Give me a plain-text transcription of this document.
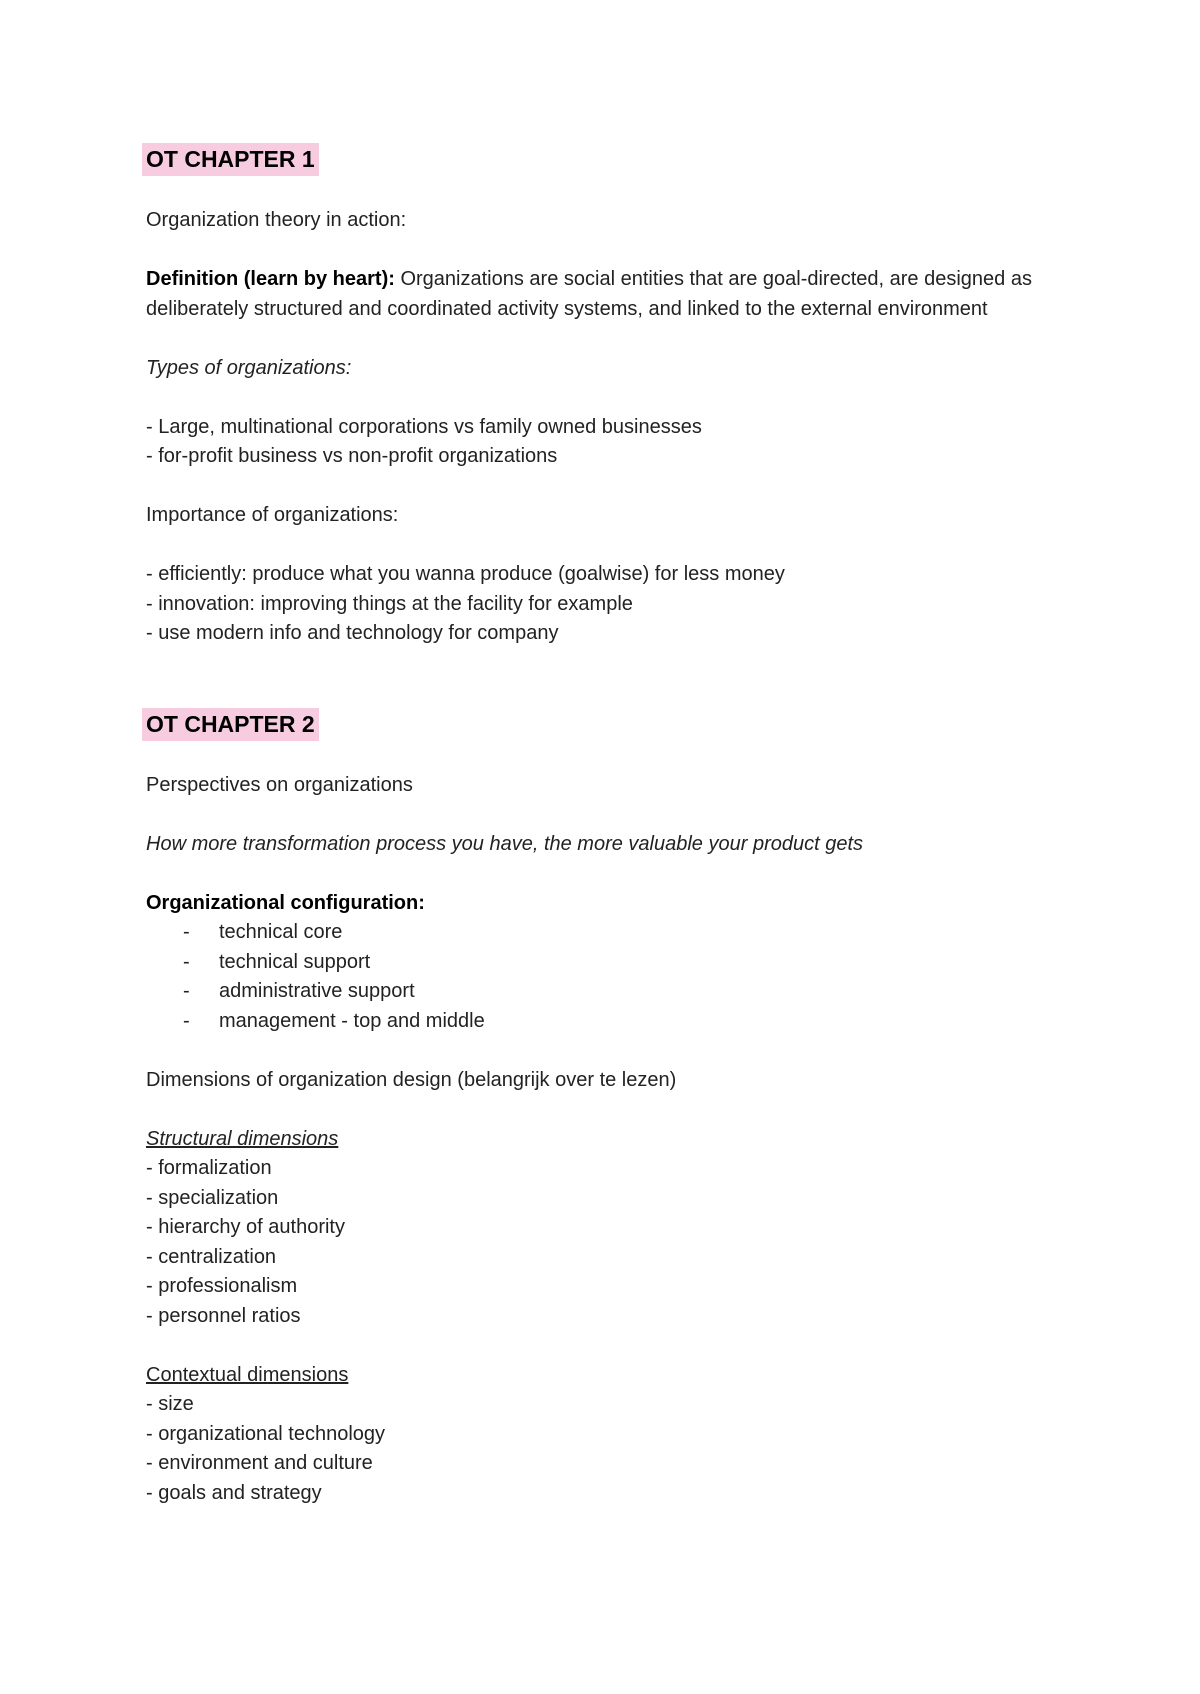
OT CHAPTER 1
Organization theory in action:
Definition (learn by heart): Organizations are social entities that are goal-directed, are designed as deliberately structured and coordinated activity systems, and linked to the external environment
Types of organizations:
- Large, multinational corporations vs family owned businesses
- for-profit business vs non-profit organizations
Importance of organizations:
- efficiently: produce what you wanna produce (goalwise) for less money
- innovation: improving things at the facility for example
- use modern info and technology for company
OT CHAPTER 2
Perspectives on organizations
How more transformation process you have, the more valuable your product gets
Organizational configuration:
- technical core
- technical support
- administrative support
- management - top and middle
Dimensions of organization design (belangrijk over te lezen)
Structural dimensions
- formalization
- specialization
- hierarchy of authority
- centralization
- professionalism
- personnel ratios
Contextual dimensions
- size
- organizational technology
- environment and culture
- goals and strategy
